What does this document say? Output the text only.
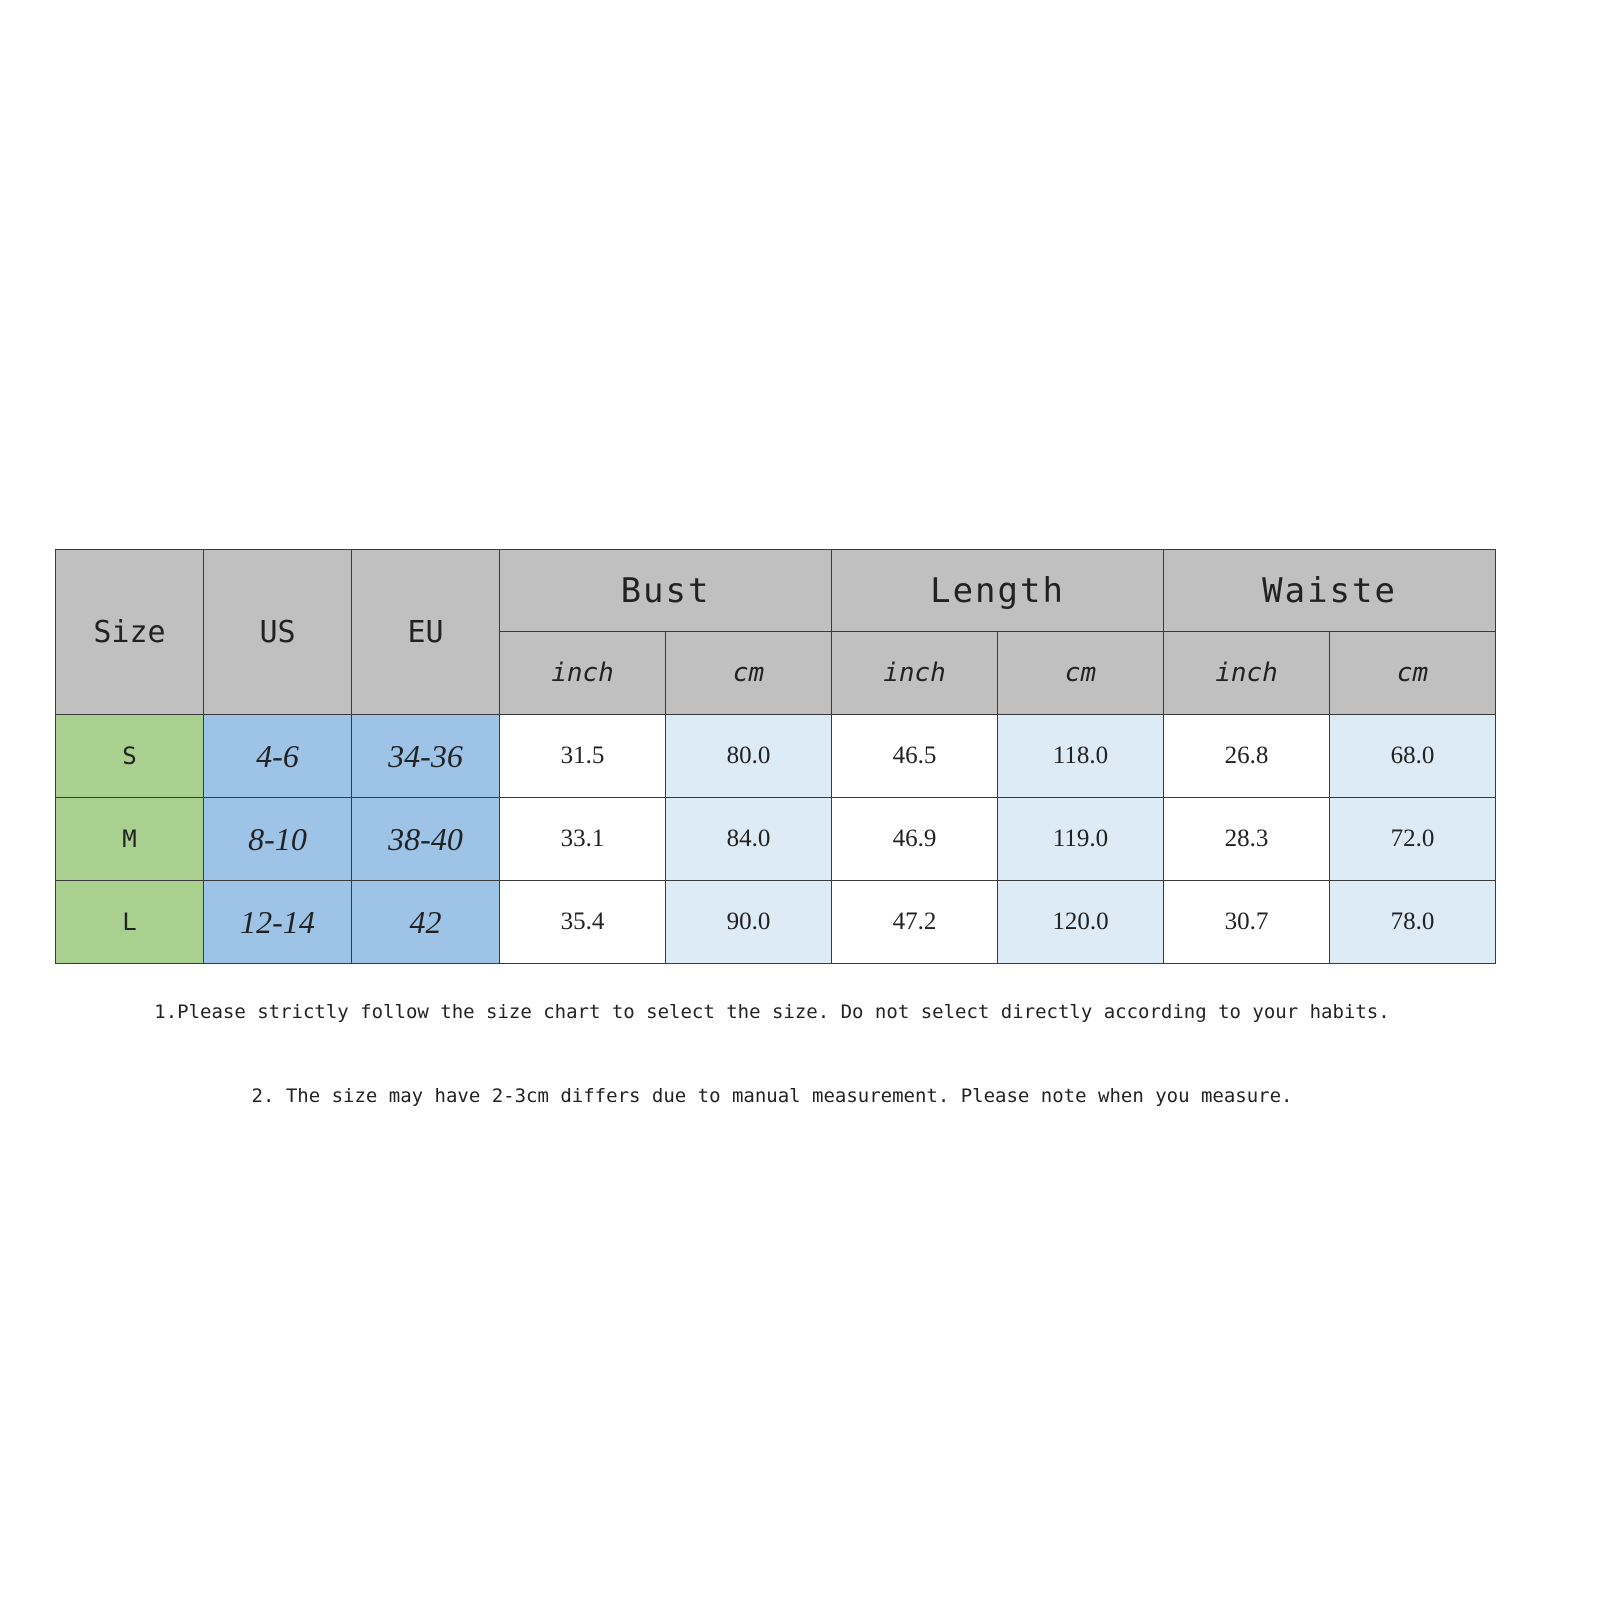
Size	US	EU	Bust		Length		Waiste	
			inch	cm	inch	cm	inch	cm
S	4-6	34-36	31.5	80.0	46.5	118.0	26.8	68.0
M	8-10	38-40	33.1	84.0	46.9	119.0	28.3	72.0
L	12-14	42	35.4	90.0	47.2	120.0	30.7	78.0
1.Please strictly follow the size chart to select the size. Do not select directly according to your habits.
2. The size may have 2-3cm differs due to manual measurement. Please note when you measure.
